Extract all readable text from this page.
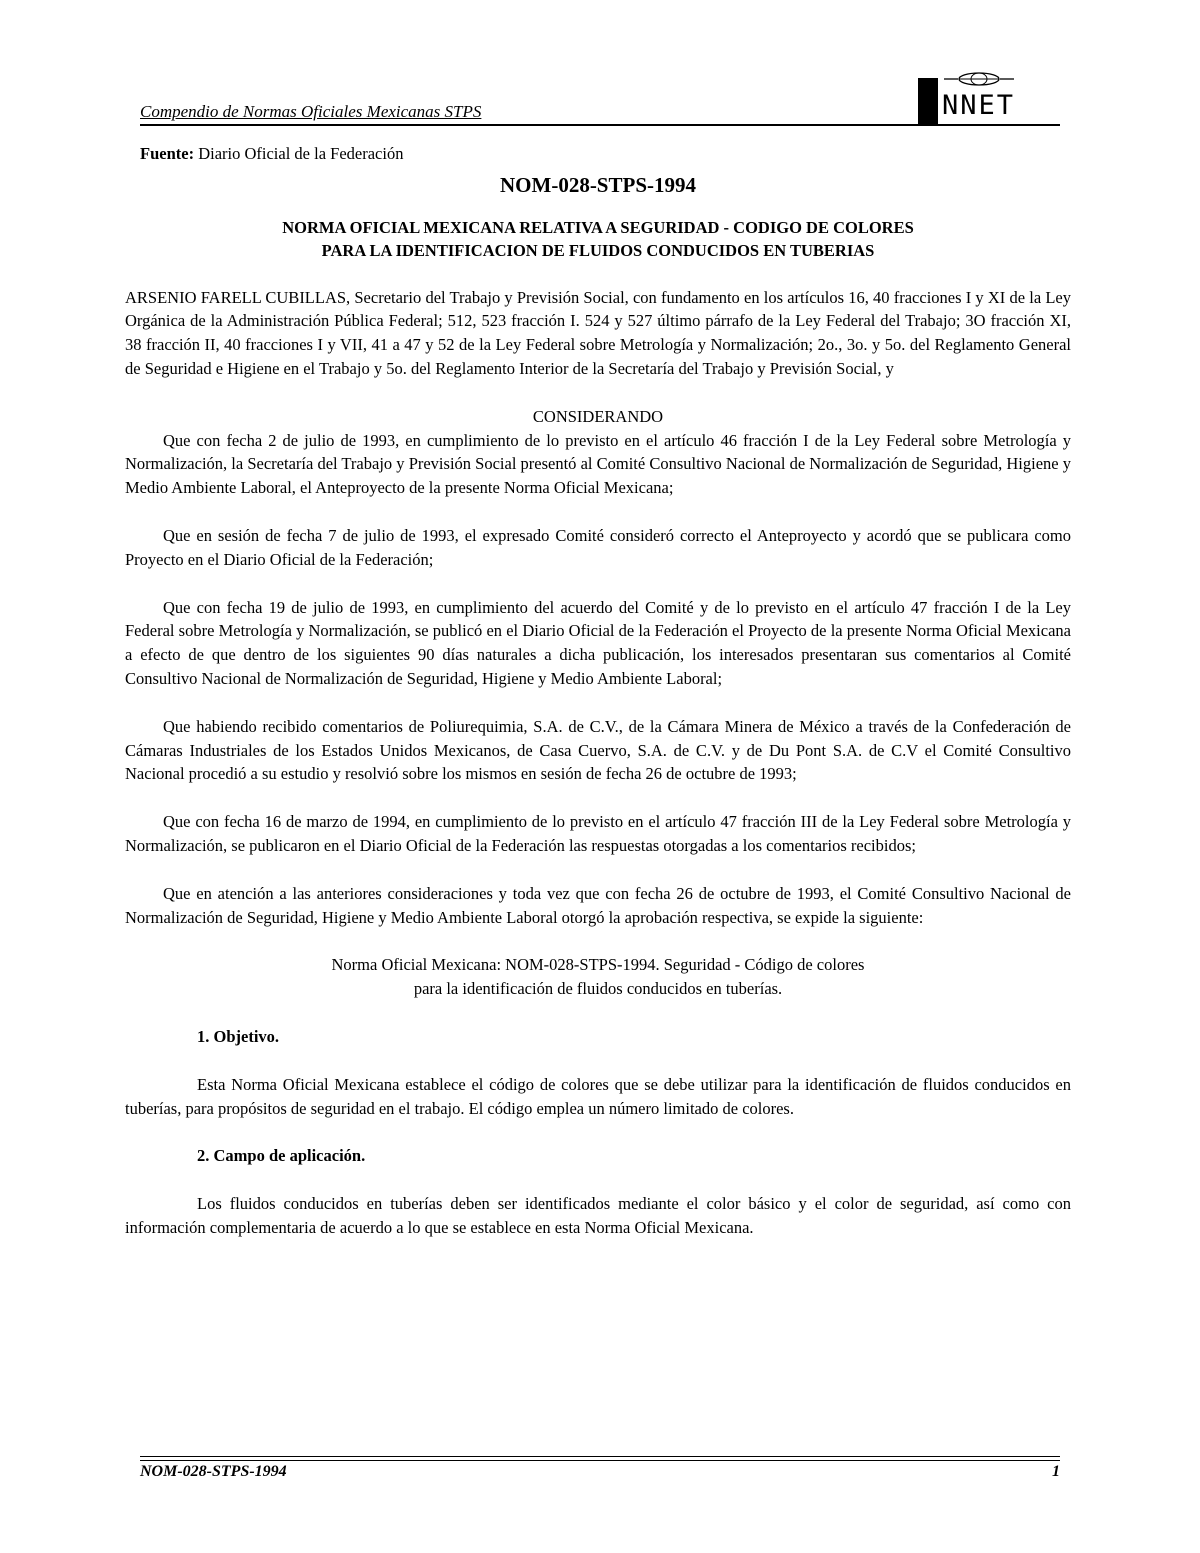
Compendio de Normas Oficiales Mexicanas STPS	NNET

Fuente: Diario Oficial de la Federación

NOM-028-STPS-1994

NORMA OFICIAL MEXICANA RELATIVA A SEGURIDAD - CODIGO DE COLORES
PARA LA IDENTIFICACION DE FLUIDOS CONDUCIDOS EN TUBERIAS

ARSENIO FARELL CUBILLAS, Secretario del Trabajo y Previsión Social, con fundamento en los artículos 16, 40 fracciones I y XI de la Ley Orgánica de la Administración Pública Federal; 512, 523 fracción I. 524 y 527 último párrafo de la Ley Federal del Trabajo; 3O fracción XI, 38 fracción II, 40 fracciones I y VII, 41 a 47 y 52 de la Ley Federal sobre Metrología y Normalización; 2o., 3o. y 5o. del Reglamento General de Seguridad e Higiene en el Trabajo y 5o. del Reglamento Interior de la Secretaría del Trabajo y Previsión Social, y

CONSIDERANDO

Que con fecha 2 de julio de 1993, en cumplimiento de lo previsto en el artículo 46 fracción I de la Ley Federal sobre Metrología y Normalización, la Secretaría del Trabajo y Previsión Social presentó al Comité Consultivo Nacional de Normalización de Seguridad, Higiene y Medio Ambiente Laboral, el Anteproyecto de la presente Norma Oficial Mexicana;

Que en sesión de fecha 7 de julio de 1993, el expresado Comité consideró correcto el Anteproyecto y acordó que se publicara como Proyecto en el Diario Oficial de la Federación;

Que con fecha 19 de julio de 1993, en cumplimiento del acuerdo del Comité y de lo previsto en el artículo 47 fracción I de la Ley Federal sobre Metrología y Normalización, se publicó en el Diario Oficial de la Federación el Proyecto de la presente Norma Oficial Mexicana a efecto de que dentro de los siguientes 90 días naturales a dicha publicación, los interesados presentaran sus comentarios al Comité Consultivo Nacional de Normalización de Seguridad, Higiene y Medio Ambiente Laboral;

Que habiendo recibido comentarios de Poliurequimia, S.A. de C.V., de la Cámara Minera de México a través de la Confederación de Cámaras Industriales de los Estados Unidos Mexicanos, de Casa Cuervo, S.A. de C.V. y de Du Pont S.A. de C.V el Comité Consultivo Nacional procedió a su estudio y resolvió sobre los mismos en sesión de fecha 26 de octubre de 1993;

Que con fecha 16 de marzo de 1994, en cumplimiento de lo previsto en el artículo 47 fracción III de la Ley Federal sobre Metrología y Normalización, se publicaron en el Diario Oficial de la Federación las respuestas otorgadas a los comentarios recibidos;

Que en atención a las anteriores consideraciones y toda vez que con fecha 26 de octubre de 1993, el Comité Consultivo Nacional de Normalización de Seguridad, Higiene y Medio Ambiente Laboral otorgó la aprobación respectiva, se expide la siguiente:

Norma Oficial Mexicana: NOM-028-STPS-1994. Seguridad - Código de colores
para la identificación de fluidos conducidos en tuberías.

1. Objetivo.

Esta Norma Oficial Mexicana establece el código de colores que se debe utilizar para la identificación de fluidos conducidos en tuberías, para propósitos de seguridad en el trabajo. El código emplea un número limitado de colores.

2. Campo de aplicación.

Los fluidos conducidos en tuberías deben ser identificados mediante el color básico y el color de seguridad, así como con información complementaria de acuerdo a lo que se establece en esta Norma Oficial Mexicana.

NOM-028-STPS-1994	1
